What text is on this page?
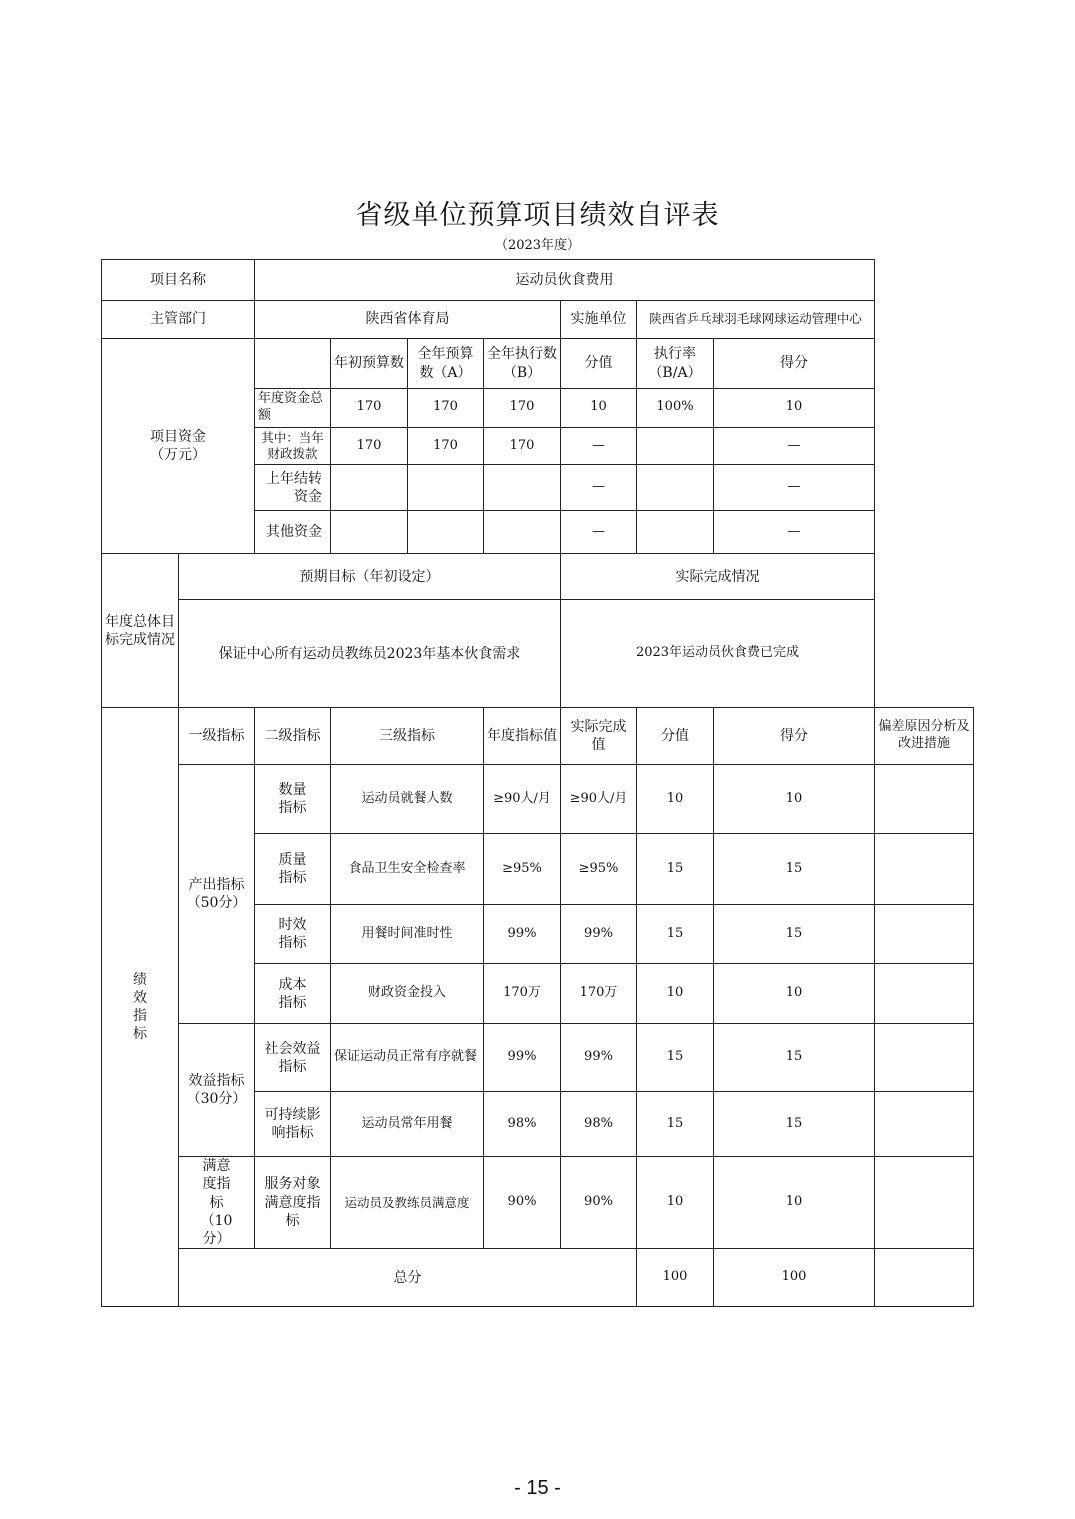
省级单位预算项目绩效自评表
（2023年度）
项目名称		运动员伙食费用							
主管部门		陕西省体育局				实施单位	陕西省乒乓球羽毛球网球运动管理中心		
项目资金
（万元）			年初预算数	全年预算数（A）	全年执行数（B）	分值	执行率（B/A）	得分	
		年度资金总额	170	170	170	10	100%	10	
		其中：当年财政拨款	170	170	170	—		—	
		上年结转资金				—		—	
		其他资金				—		—	
年度总体目标完成情况	预期目标（年初设定）					实际完成情况			
	保证中心所有运动员教练员2023年基本伙食需求					2023年运动员伙食费已完成			
绩效指标	一级指标	二级指标	三级指标		年度指标值	实际完成值	分值	得分	偏差原因分析及改进措施
	产出指标
（50分）	数量指标	运动员就餐人数		≥90人/月	≥90人/月	10	10	
		质量指标	食品卫生安全检查率		≥95%	≥95%	15	15	
		时效指标	用餐时间准时性		99%	99%	15	15	
		成本指标	财政资金投入		170万	170万	10	10	
	效益指标
（30分）	社会效益指标	保证运动员正常有序就餐		99%	99%	15	15	
		可持续影响指标	运动员常年用餐		98%	98%	15	15	
	满意度指标
（10分）	服务对象满意度指标	运动员及教练员满意度		90%	90%	10	10	
	总分						100	100	
- 15 -
